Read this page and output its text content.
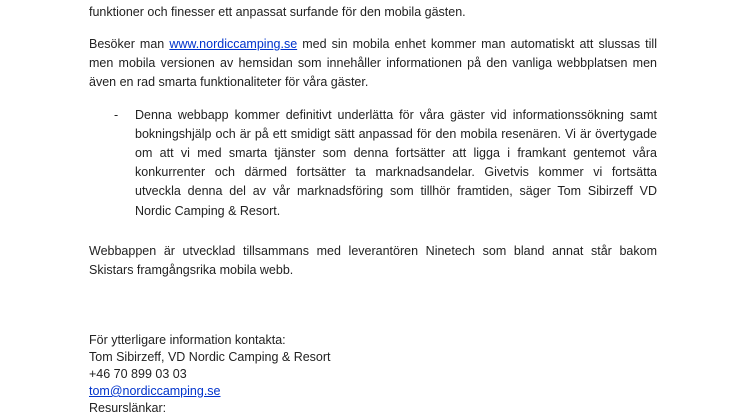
funktioner och finesser ett anpassat surfande för den mobila gästen.
Besöker man www.nordiccamping.se med sin mobila enhet kommer man automatiskt att slussas till
men mobila versionen av hemsidan som innehåller informationen på den vanliga webbplatsen men
även en rad smarta funktionaliteter för våra gäster.
- Denna webbapp kommer definitivt underlätta för våra gäster vid informationssökning samt
bokningshjälp och är på ett smidigt sätt anpassad för den mobila resenären. Vi är övertygade
om att vi med smarta tjänster som denna fortsätter att ligga i framkant gentemot våra
konkurrenter och därmed fortsätter ta marknadsandelar. Givetvis kommer vi fortsätta
utveckla denna del av vår marknadsföring som tillhör framtiden, säger Tom Sibirzeff VD
Nordic Camping & Resort.
Webbappen är utvecklad tillsammans med leverantören Ninetech som bland annat står bakom
Skistars framgångsrika mobila webb.
För ytterligare information kontakta:
Tom Sibirzeff, VD Nordic Camping & Resort
+46 70 899 03 03
tom@nordiccamping.se
Resurslänkar:
